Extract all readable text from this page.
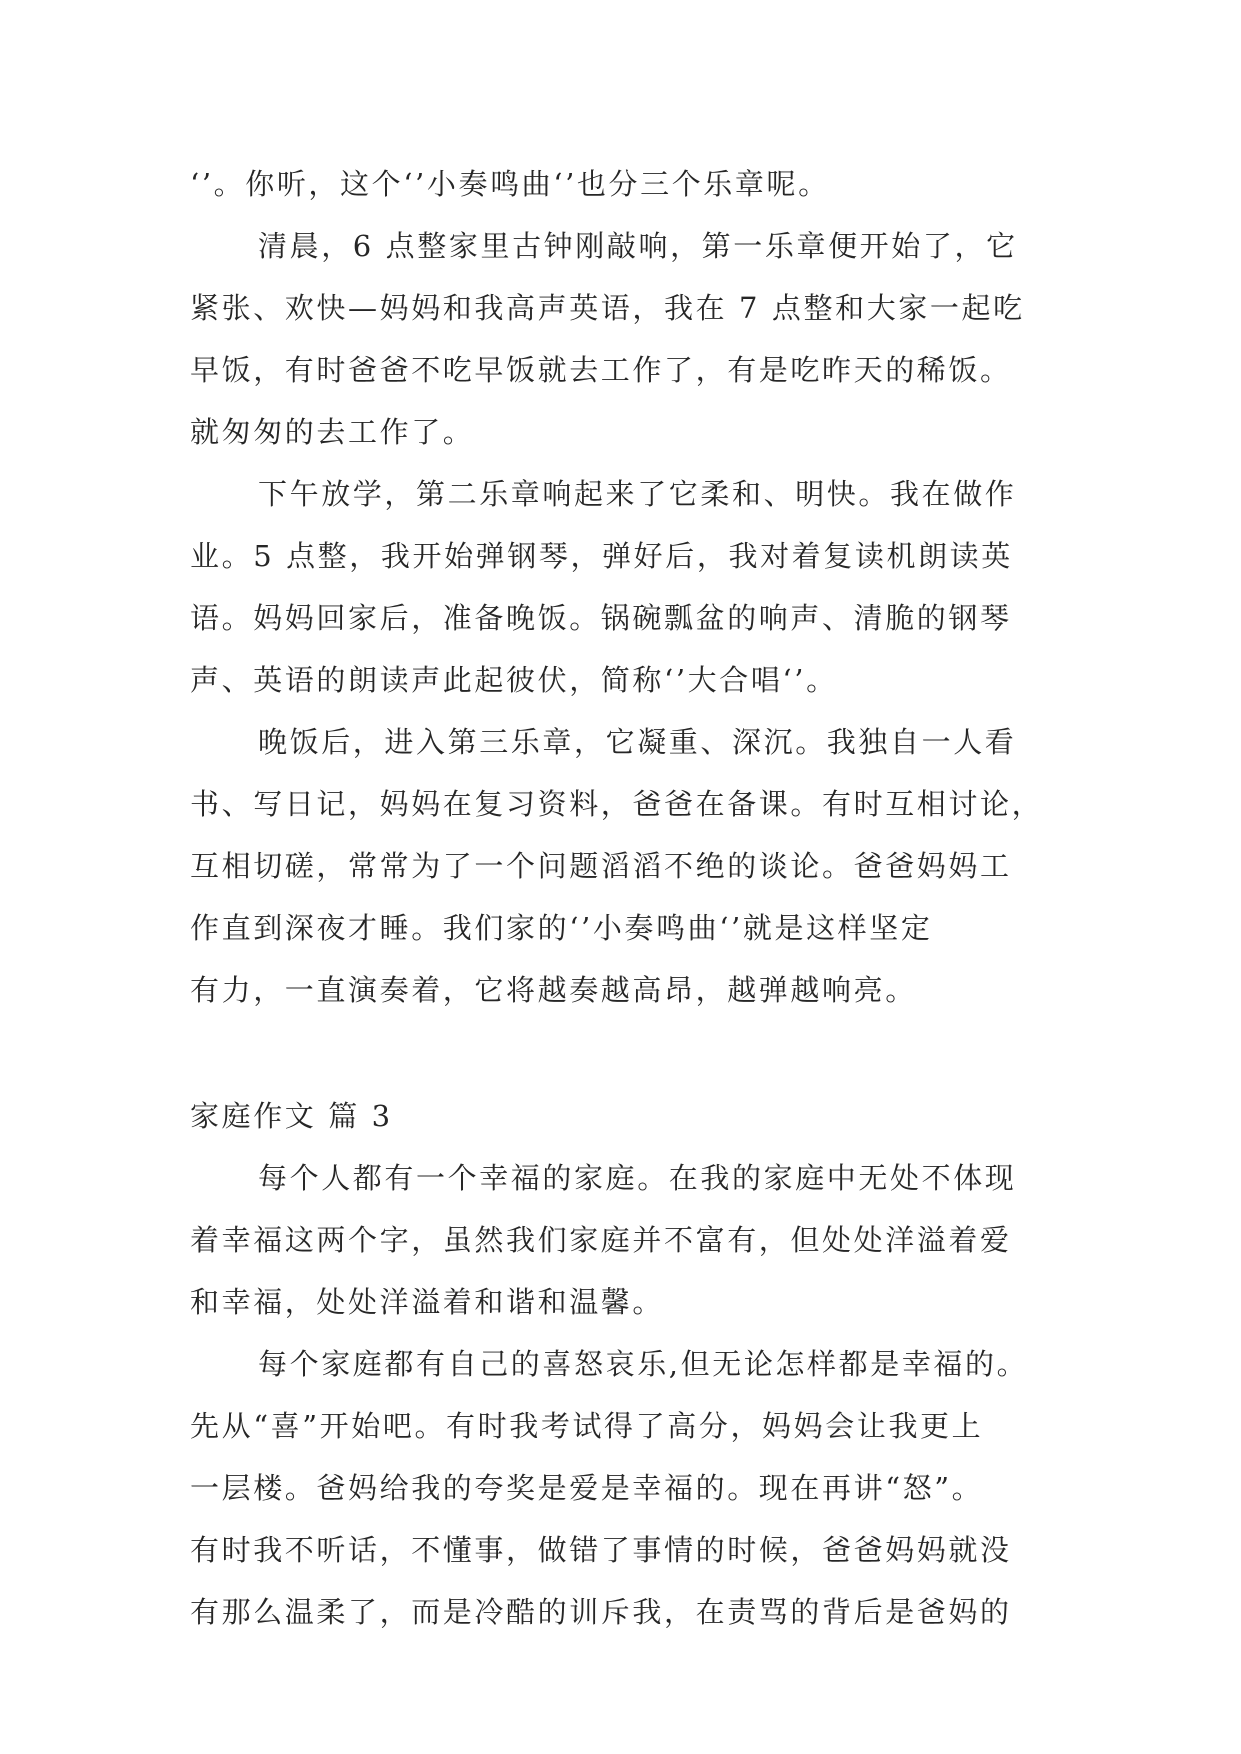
‘’。你听，这个‘’小奏鸣曲‘’也分三个乐章呢。
清晨，6 点整家里古钟刚敲响，第一乐章便开始了，它
紧张、欢快—妈妈和我高声英语，我在 7 点整和大家一起吃
早饭，有时爸爸不吃早饭就去工作了，有是吃昨天的稀饭。
就匆匆的去工作了。
下午放学，第二乐章响起来了它柔和、明快。我在做作
业。5 点整，我开始弹钢琴，弹好后，我对着复读机朗读英
语。妈妈回家后，准备晚饭。锅碗瓢盆的响声、清脆的钢琴
声、英语的朗读声此起彼伏，简称‘’大合唱‘’。
晚饭后，进入第三乐章，它凝重、深沉。我独自一人看
书、写日记，妈妈在复习资料，爸爸在备课。有时互相讨论，
互相切磋，常常为了一个问题滔滔不绝的谈论。爸爸妈妈工
作直到深夜才睡。我们家的‘’小奏鸣曲‘’就是这样坚定
有力，一直演奏着，它将越奏越高昂，越弹越响亮。
家庭作文 篇 3
每个人都有一个幸福的家庭。在我的家庭中无处不体现
着幸福这两个字，虽然我们家庭并不富有，但处处洋溢着爱
和幸福，处处洋溢着和谐和温馨。
每个家庭都有自己的喜怒哀乐,但无论怎样都是幸福的。
先从“喜”开始吧。有时我考试得了高分，妈妈会让我更上
一层楼。爸妈给我的夸奖是爱是幸福的。现在再讲“怒”。
有时我不听话，不懂事，做错了事情的时候，爸爸妈妈就没
有那么温柔了，而是冷酷的训斥我，在责骂的背后是爸妈的
